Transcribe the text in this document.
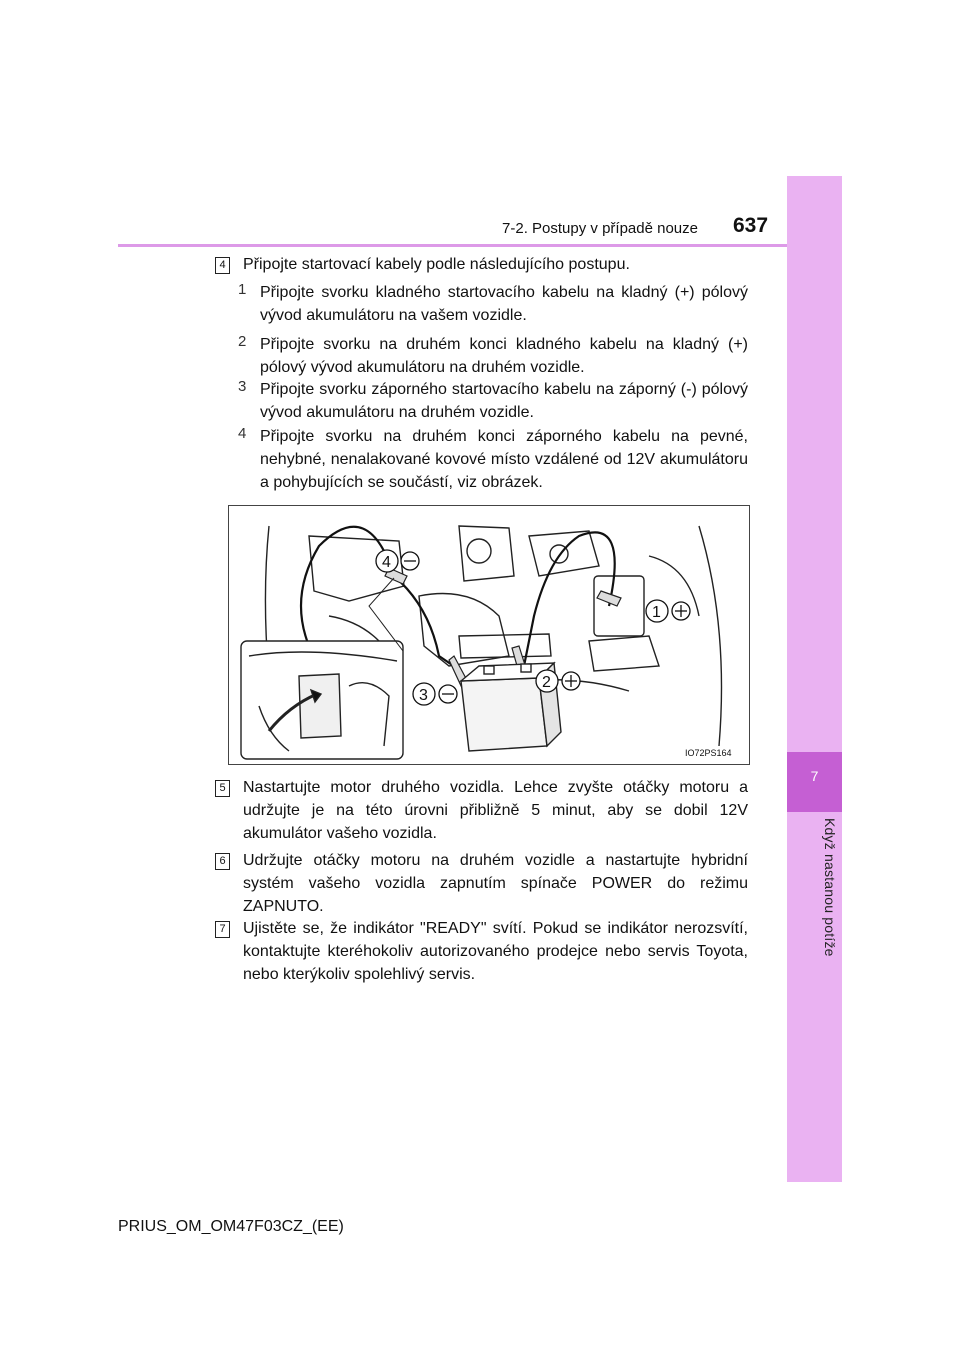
7
Když nastanou potíže
7-2. Postupy v případě nouze 637
4 Připojte startovací kabely podle následujícího postupu.
1 Připojte svorku kladného startovacího kabelu na kladný (+) pólový vývod akumulátoru na vašem vozidle.
2 Připojte svorku na druhém konci kladného kabelu na kladný (+) pólový vývod akumulátoru na druhém vozidle.
3 Připojte svorku záporného startovacího kabelu na záporný (-) pólový vývod akumulátoru na druhém vozidle.
4 Připojte svorku na druhém konci záporného kabelu na pevné, nehybné, nenalakované kovové místo vzdálené od 12V akumulátoru a pohybujících se součástí, viz obrázek.
4
1
2
3
IO72PS164
5 Nastartujte motor druhého vozidla. Lehce zvyšte otáčky motoru a udržujte je na této úrovni přibližně 5 minut, aby se dobil 12V akumulátor vašeho vozidla.
6 Udržujte otáčky motoru na druhém vozidle a nastartujte hybridní systém vašeho vozidla zapnutím spínače POWER do režimu ZAPNUTO.
7 Ujistěte se, že indikátor "READY" svítí. Pokud se indikátor nerozsvítí, kontaktujte kteréhokoliv autorizovaného prodejce nebo servis Toyota, nebo kterýkoliv spolehlivý servis.
PRIUS_OM_OM47F03CZ_(EE)
